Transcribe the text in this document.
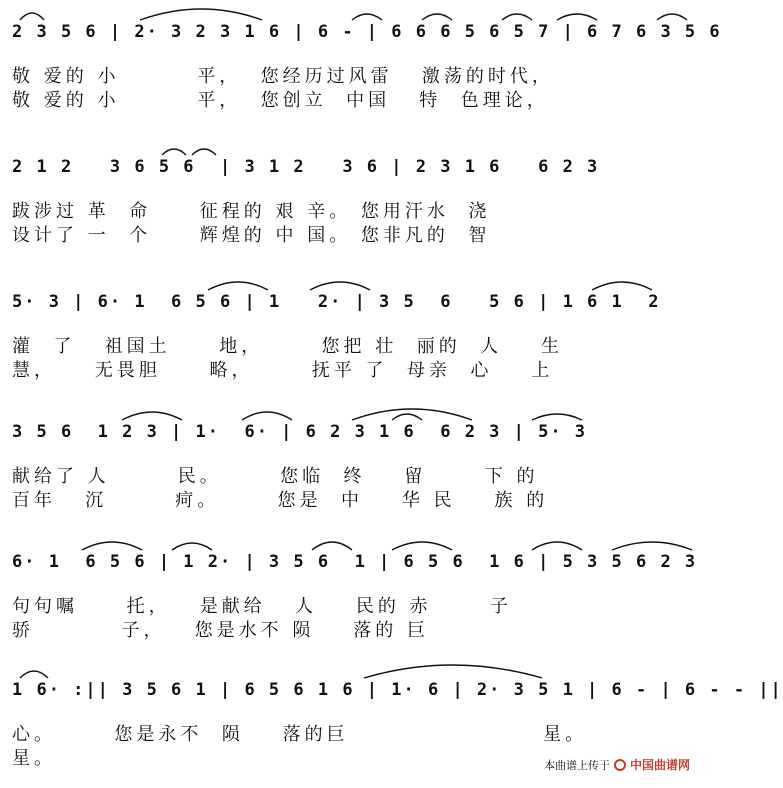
2 3 5 6 | 2· 3 2 3 1 6 | 6 - | 6 6 6 5 6 5 7 | 6 7 6 3 5 6
敬 爱的 小        平，  您经历过风雷   激荡的时代，
敬 爱的 小        平，  您创立  中国   特  色理论，
2 1 2   3 6 5 6  | 3 1 2   3 6 | 2 3 1 6   6 2 3
跋涉过 革  命     征程的 艰 辛。 您用汗水  浇
设计了 一  个     辉煌的 中 国。 您非凡的  智
5· 3 | 6· 1  6 5 6 | 1   2· | 3 5  6   5 6 | 1 6 1  2
灌  了   祖国土     地，      您把 壮  丽的  人    生
慧，    无畏胆     略，      抚平 了  母亲  心    上
3 5 6  1 2 3 | 1·  6· | 6 2 3 1 6  6 2 3 | 5· 3
献给了 人       民。      您临  终    留      下 的
百年   沉       疴。      您是  中    华 民    族 的
6· 1  6 5 6 | 1 2· | 3 5 6  1 | 6 5 6  1 6 | 5 3 5 6 2 3
句句嘱     托，   是献给   人    民的 赤      子
骄         子，   您是水不 陨    落的 巨
1 6· :|| 3 5 6 1 | 6 5 6 1 6 | 1· 6 | 2· 3 5 1 | 6 - | 6 - - ||
心。      您是永不  陨    落的巨                    星。
星。	本曲谱上传于 中国曲谱网
